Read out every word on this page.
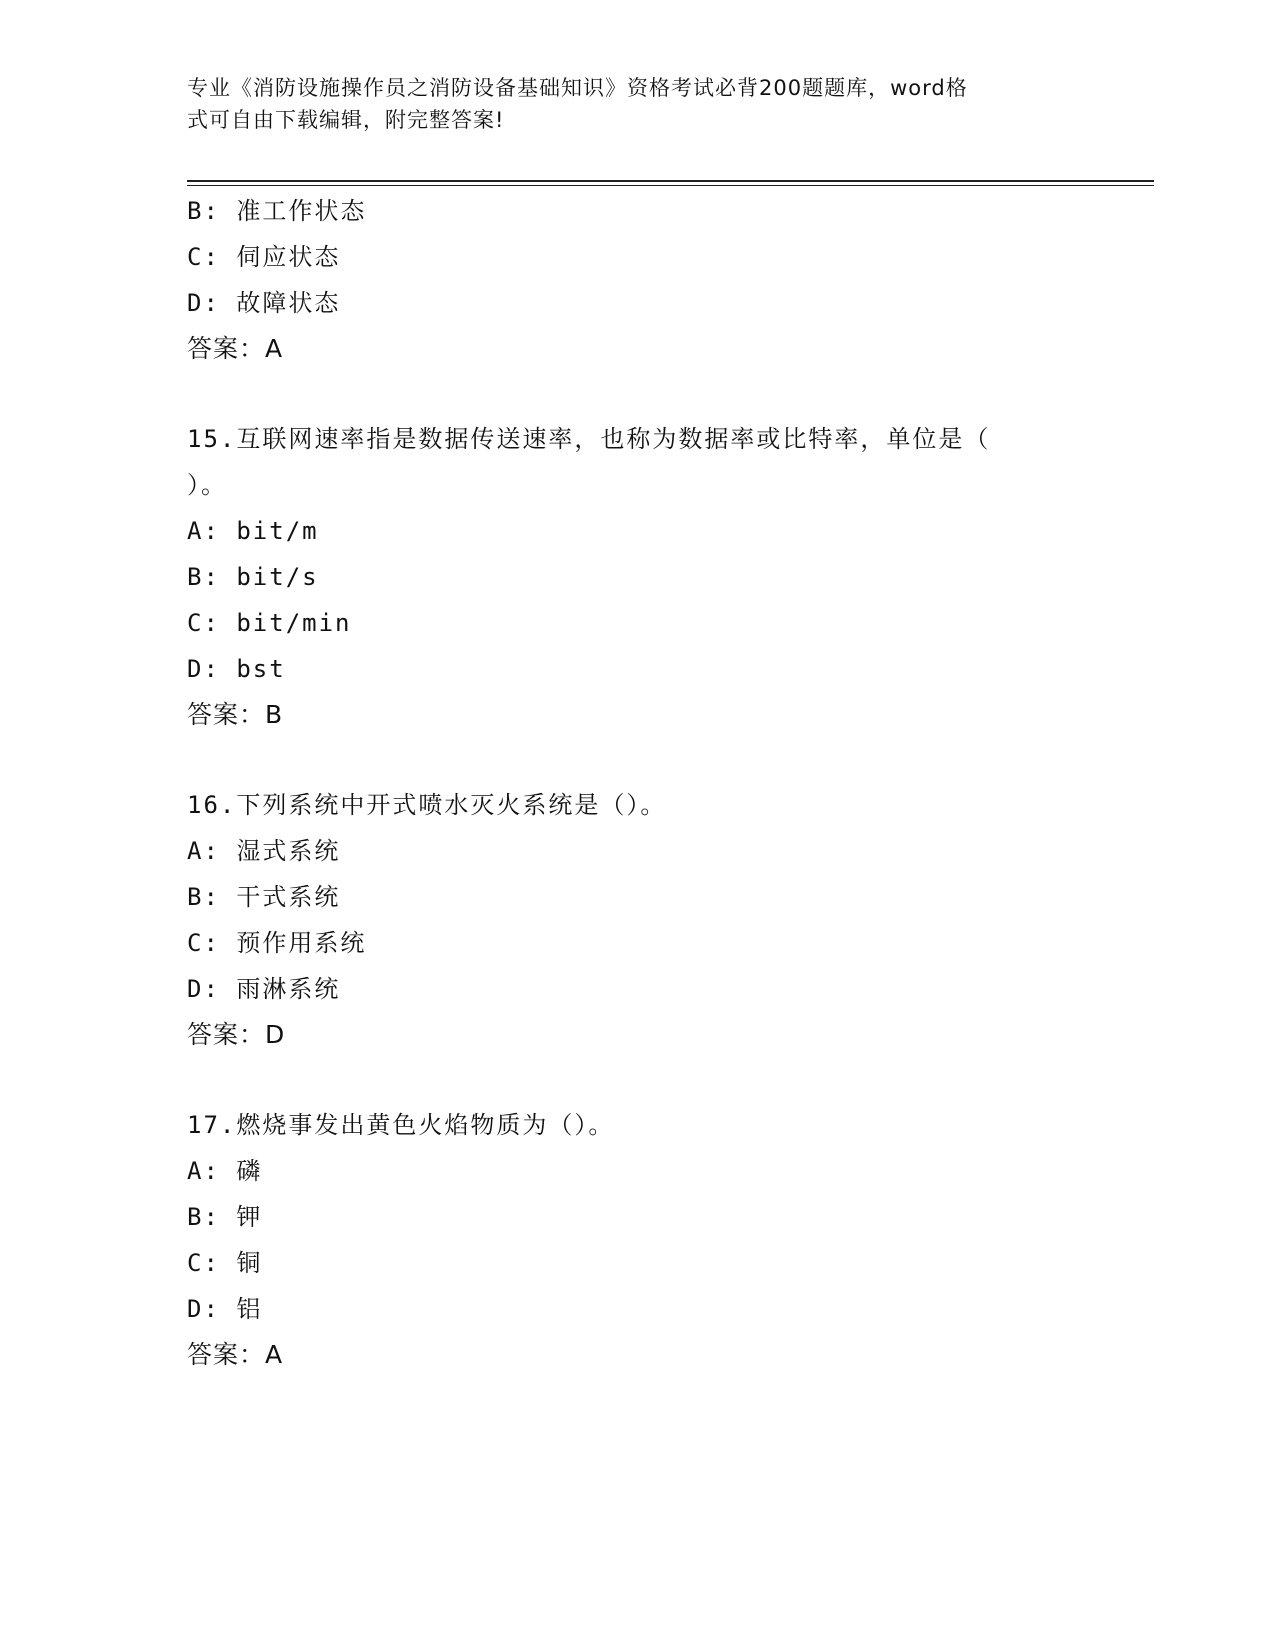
专业《消防设施操作员之消防设备基础知识》资格考试必背200题题库，word格
式可自由下载编辑，附完整答案!
B: 准工作状态
C: 伺应状态
D: 故障状态
答案：A
15.互联网速率指是数据传送速率，也称为数据率或比特率，单位是（
）。
A: bit/m
B: bit/s
C: bit/min
D: bst
答案：B
16.下列系统中开式喷水灭火系统是（）。
A: 湿式系统
B: 干式系统
C: 预作用系统
D: 雨淋系统
答案：D
17.燃烧事发出黄色火焰物质为（）。
A: 磷
B: 钾
C: 铜
D: 铝
答案：A
